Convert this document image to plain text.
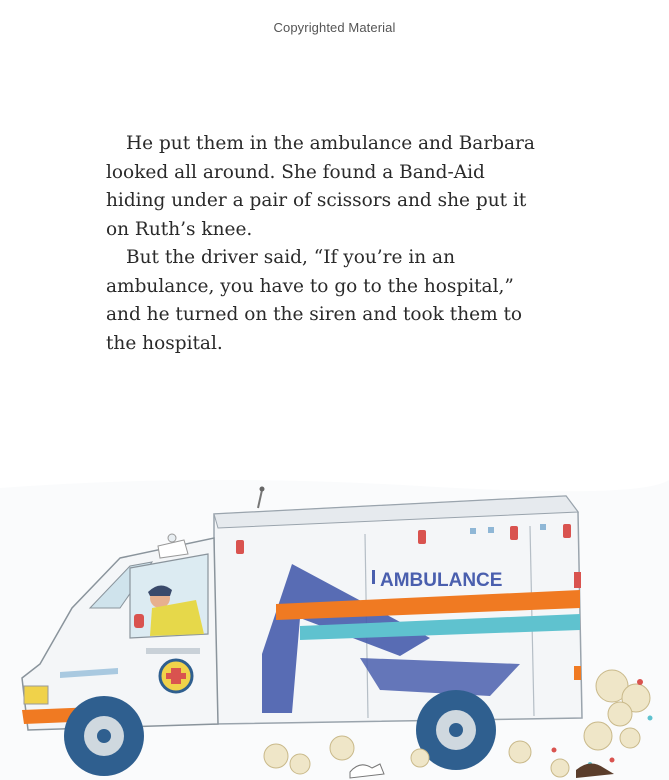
Copyrighted Material

He put them in the ambulance and Barbara
looked all around. She found a Band-Aid
hiding under a pair of scissors and she put it
on Ruth’s knee.

But the driver said, “If you’re in an
ambulance, you have to go to the hospital,”
and he turned on the siren and took them to
the hospital.

AMBULANCE
